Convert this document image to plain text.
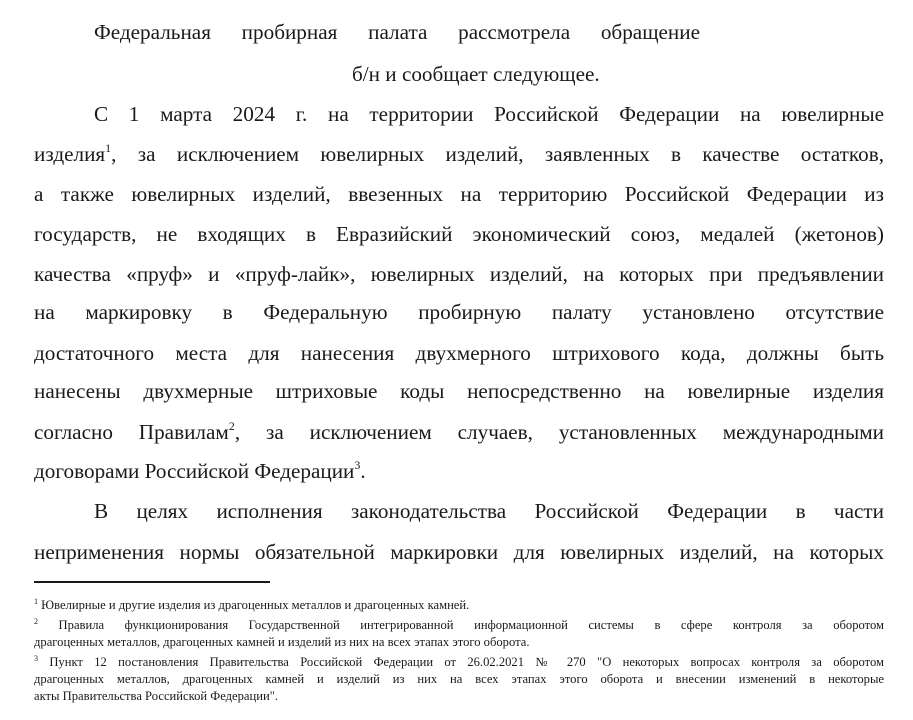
Федеральная пробирная палата рассмотрела обращение
б/н и сообщает следующее.
С 1 марта 2024 г. на территории Российской Федерации на ювелирные
изделия$^1$, за исключением ювелирных изделий, заявленных в качестве остатков,
а также ювелирных изделий, ввезенных на территорию Российской Федерации из
государств, не входящих в Евразийский экономический союз, медалей (жетонов)
качества «пруф» и «пруф-лайк», ювелирных изделий, на которых при предъявлении
на маркировку в Федеральную пробирную палату установлено отсутствие
достаточного места для нанесения двухмерного штрихового кода, должны быть
нанесены двухмерные штриховые коды непосредственно на ювелирные изделия
согласно Правилам$^2$, за исключением случаев, установленных международными
договорами Российской Федерации$^3$.
В целях исполнения законодательства Российской Федерации в части
неприменения нормы обязательной маркировки для ювелирных изделий, на которых
$^1$ Ювелирные и другие изделия из драгоценных металлов и драгоценных камней.
$^2$ Правила функционирования Государственной интегрированной информационной системы в сфере контроля за оборотом
драгоценных металлов, драгоценных камней и изделий из них на всех этапах этого оборота.
$^3$ Пункт 12 постановления Правительства Российской Федерации от 26.02.2021 № 270 "О некоторых вопросах контроля за оборотом
драгоценных металлов, драгоценных камней и изделий из них на всех этапах этого оборота и внесении изменений в некоторые
акты Правительства Российской Федерации".
